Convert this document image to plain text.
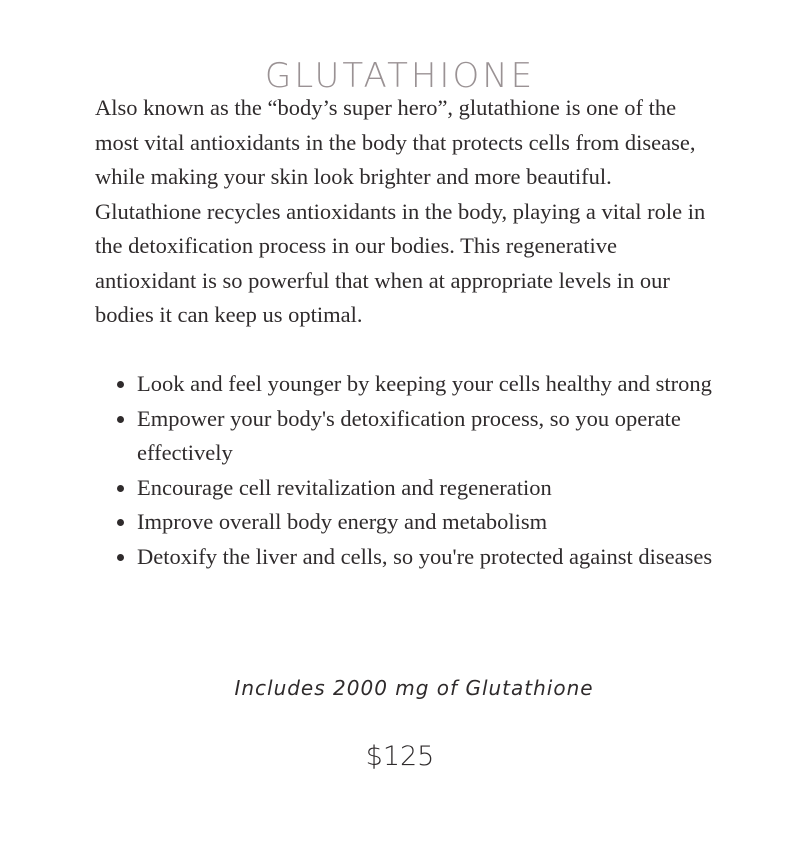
GLUTATHIONE

Also known as the “body’s super hero”, glutathione is one of the most vital antioxidants in the body that protects cells from disease, while making your skin look brighter and more beautiful. Glutathione recycles antioxidants in the body, playing a vital role in the detoxification process in our bodies. This regenerative antioxidant is so powerful that when at appropriate levels in our bodies it can keep us optimal.

Look and feel younger by keeping your cells healthy and strong
Empower your body's detoxification process, so you operate effectively
Encourage cell revitalization and regeneration
Improve overall body energy and metabolism
Detoxify the liver and cells, so you're protected against diseases
Includes 2000 mg of Glutathione
$125
